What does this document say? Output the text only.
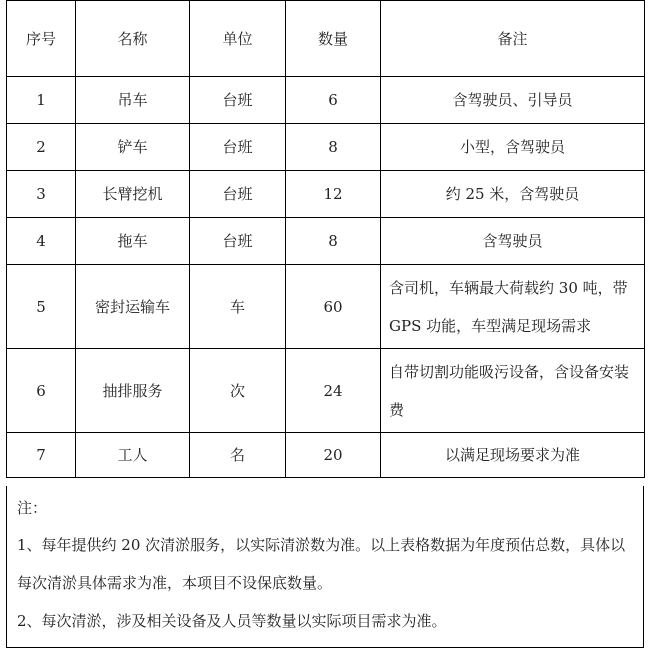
序号	名称	单位	数量	备注
1	吊车	台班	6	含驾驶员、引导员
2	铲车	台班	8	小型，含驾驶员
3	长臂挖机	台班	12	约 25 米，含驾驶员
4	拖车	台班	8	含驾驶员
5	密封运输车	车	60	含司机，车辆最大荷载约 30 吨，带 GPS 功能，车型满足现场需求
6	抽排服务	次	24	自带切割功能吸污设备，含设备安装费
7	工人	名	20	以满足现场要求为准

注：

1、每年提供约 20 次清淤服务，以实际清淤数为准。以上表格数据为年度预估总数，具体以每次清淤具体需求为准，本项目不设保底数量。

2、每次清淤，涉及相关设备及人员等数量以实际项目需求为准。
